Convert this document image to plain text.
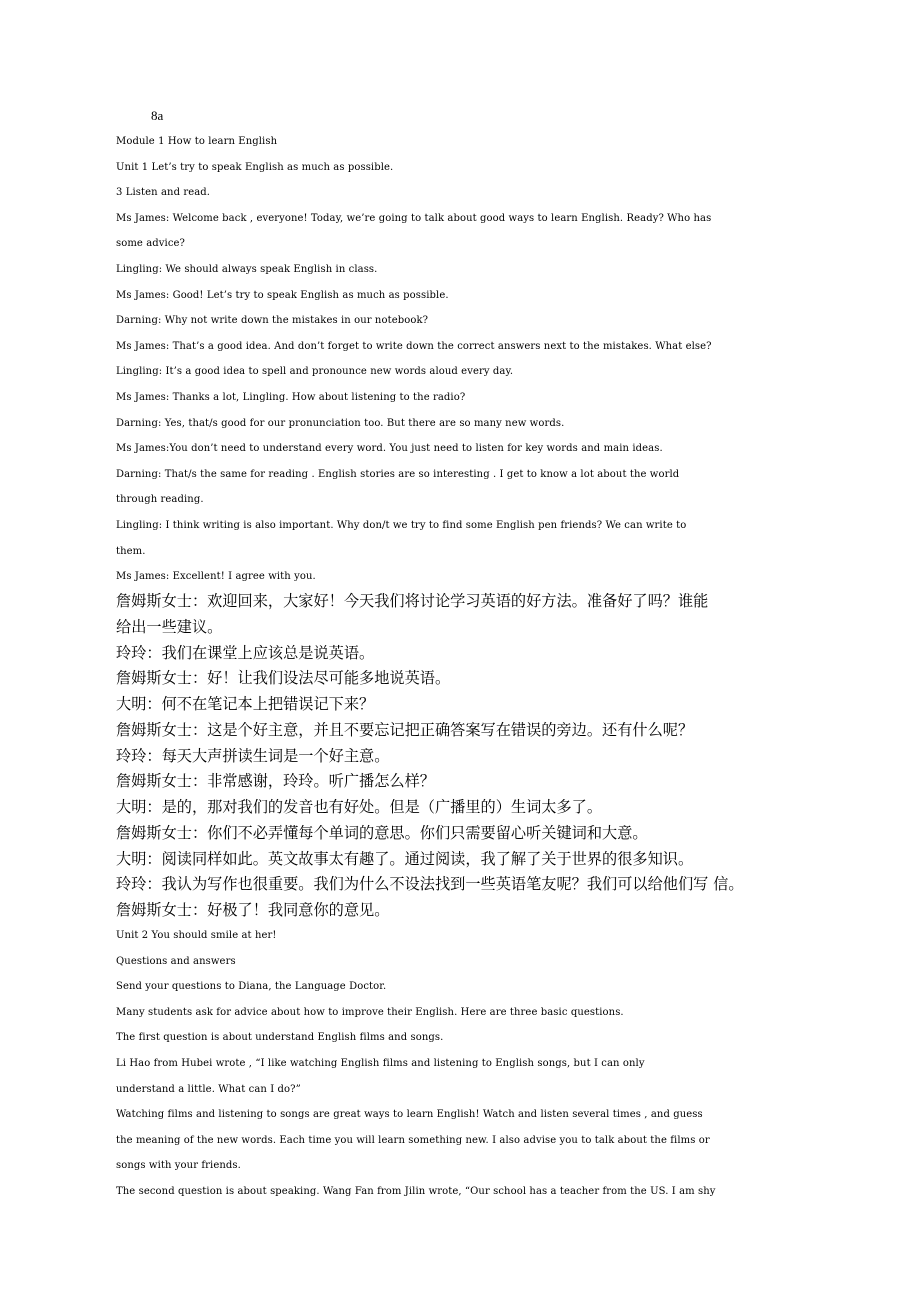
8a

Module 1 How to learn English

Unit 1 Let’s try to speak English as much as possible.

3 Listen and read.

Ms James: Welcome back , everyone! Today, we’re going to talk about good ways to learn English. Ready? Who has

some advice?

Lingling: We should always speak English in class.

Ms James: Good! Let’s try to speak English as much as possible.

Darning: Why not write down the mistakes in our notebook?

Ms James: That’s a good idea. And don’t forget to write down the correct answers next to the mistakes. What else?

Lingling: It’s a good idea to spell and pronounce new words aloud every day.

Ms James: Thanks a lot, Lingling. How about listening to the radio?

Darning: Yes, that/s good for our pronunciation too. But there are so many new words.

Ms James:You don’t need to understand every word. You just need to listen for key words and main ideas.

Darning: That/s the same for reading . English stories are so interesting . I get to know a lot about the world

through reading.

Lingling: I think writing is also important. Why don/t we try to find some English pen friends? We can write to

them.

Ms James: Excellent! I agree with you.

詹姆斯女士：欢迎回来，大家好！今天我们将讨论学习英语的好方法。准备好了吗？谁能

给出一些建议。

玲玲：我们在课堂上应该总是说英语。

詹姆斯女士：好！让我们设法尽可能多地说英语。

大明：何不在笔记本上把错误记下来？

詹姆斯女士：这是个好主意，并且不要忘记把正确答案写在错误的旁边。还有什么呢？

玲玲：每天大声拼读生词是一个好主意。

詹姆斯女士：非常感谢，玲玲。听广播怎么样？

大明：是的，那对我们的发音也有好处。但是（广播里的）生词太多了。

詹姆斯女士：你们不必弄懂每个单词的意思。你们只需要留心听关键词和大意。

大明：阅读同样如此。英文故事太有趣了。通过阅读，我了解了关于世界的很多知识。

玲玲：我认为写作也很重要。我们为什么不设法找到一些英语笔友呢？我们可以给他们写 信。

詹姆斯女士：好极了！我同意你的意见。

Unit 2 You should smile at her!

Questions and answers

Send your questions to Diana, the Language Doctor.

Many students ask for advice about how to improve their English. Here are three basic questions.

The first question is about understand English films and songs.

Li Hao from Hubei wrote , “I like watching English films and listening to English songs, but I can only

understand a little. What can I do?”

Watching films and listening to songs are great ways to learn English! Watch and listen several times , and guess

the meaning of the new words. Each time you will learn something new. I also advise you to talk about the films or

songs with your friends.

The second question is about speaking. Wang Fan from Jilin wrote, “Our school has a teacher from the US. I am shy
